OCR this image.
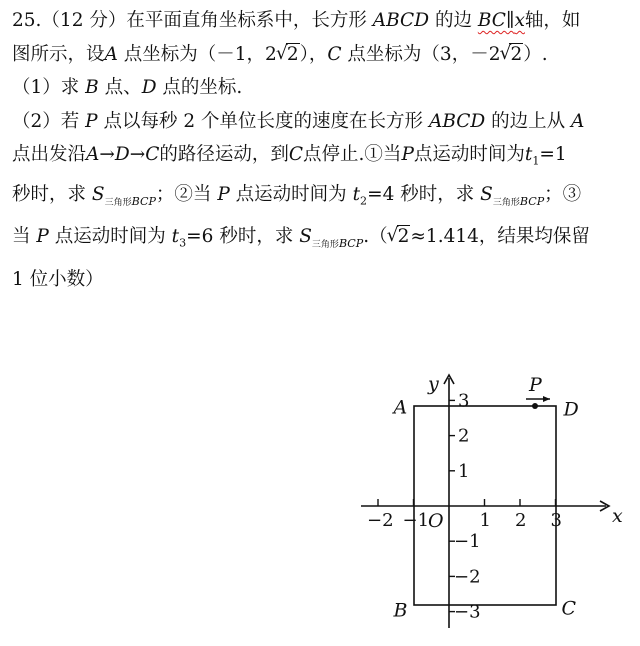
25.（12 分）在平面直角坐标系中，长方形 ABCD 的边 BC∥x轴，如
图所示，设A 点坐标为（－1，2√ 2），C 点坐标为（3，－2√ 2）.
（1）求 B 点、D 点的坐标.
（2）若 P 点以每秒 2 个单位长度的速度在长方形 ABCD 的边上从 A
点出发沿A→D→C的路径运动，到C点停止.①当P点运动时间为$t_1=1$
秒时，求 $S_{三角形BCP}$；②当 P 点运动时间为 $t_2=4$ 秒时，求 $S_{三角形BCP}$；③
当 P 点运动时间为 $t_3=6$ 秒时，求 $S_{三角形BCP}.(√$ 2≈1.414，结果均保留
1 位小数）
x
y
O
−2 −1	1 2 3
3
2
1
−1
−2
−3
A	D
C
B
P
